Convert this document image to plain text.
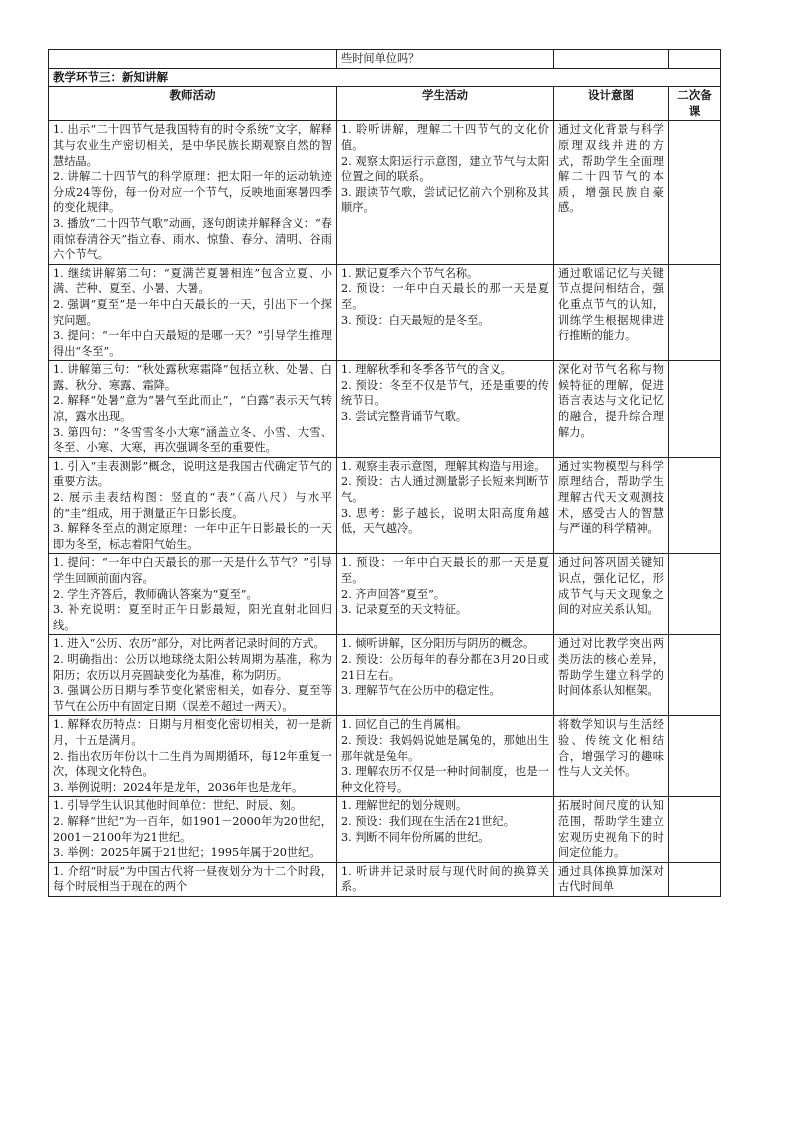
	些时间单位吗？		
教学环节三：新知讲解			
教师活动	学生活动	设计意图	二次备课

1. 出示“二十四节气是我国特有的时令系统”文字，解释其与农业生产密切相关，是中华民族长期观察自然的智慧结晶。
2. 讲解二十四节气的科学原理：把太阳一年的运动轨迹分成24等份，每一份对应一个节气，反映地面寒暑四季的变化规律。
3. 播放“二十四节气歌”动画，逐句朗读并解释含义：“春雨惊春清谷天”指立春、雨水、惊蛰、春分、清明、谷雨六个节气。	1. 聆听讲解，理解二十四节气的文化价值。
2. 观察太阳运行示意图，建立节气与太阳位置之间的联系。
3. 跟读节气歌，尝试记忆前六个别称及其顺序。	通过文化背景与科学原理双线并进的方式，帮助学生全面理解二十四节气的本质，增强民族自豪感。	

1. 继续讲解第二句：“夏满芒夏暑相连”包含立夏、小满、芒种、夏至、小暑、大暑。
2. 强调“夏至”是一年中白天最长的一天，引出下一个探究问题。
3. 提问：“一年中白天最短的是哪一天？”引导学生推理得出“冬至”。	1. 默记夏季六个节气名称。
2. 预设：一年中白天最长的那一天是夏至。
3. 预设：白天最短的是冬至。	通过歌谣记忆与关键节点提问相结合，强化重点节气的认知，训练学生根据规律进行推断的能力。	

1. 讲解第三句：“秋处露秋寒霜降”包括立秋、处暑、白露、秋分、寒露、霜降。
2. 解释“处暑”意为“暑气至此而止”，“白露”表示天气转凉，露水出现。
3. 第四句：“冬雪雪冬小大寒”涵盖立冬、小雪、大雪、冬至、小寒、大寒，再次强调冬至的重要性。	1. 理解秋季和冬季各节气的含义。
2. 预设：冬至不仅是节气，还是重要的传统节日。
3. 尝试完整背诵节气歌。	深化对节气名称与物候特征的理解，促进语言表达与文化记忆的融合，提升综合理解力。	

1. 引入“圭表测影”概念，说明这是我国古代确定节气的重要方法。
2. 展示圭表结构图：竖直的“表”（高八尺）与水平的“圭”组成，用于测量正午日影长度。
3. 解释冬至点的测定原理：一年中正午日影最长的一天即为冬至，标志着阳气始生。	1. 观察圭表示意图，理解其构造与用途。
2. 预设：古人通过测量影子长短来判断节气。
3. 思考：影子越长，说明太阳高度角越低，天气越冷。	通过实物模型与科学原理结合，帮助学生理解古代天文观测技术，感受古人的智慧与严谨的科学精神。	

1. 提问：“一年中白天最长的那一天是什么节气？”引导学生回顾前面内容。
2. 学生齐答后，教师确认答案为“夏至”。
3. 补充说明：夏至时正午日影最短，阳光直射北回归线。	1. 预设：一年中白天最长的那一天是夏至。
2. 齐声回答“夏至”。
3. 记录夏至的天文特征。	通过问答巩固关键知识点，强化记忆，形成节气与天文现象之间的对应关系认知。	

1. 进入“公历、农历”部分，对比两者记录时间的方式。
2. 明确指出：公历以地球绕太阳公转周期为基准，称为阳历；农历以月亮圆缺变化为基准，称为阴历。
3. 强调公历日期与季节变化紧密相关，如春分、夏至等节气在公历中有固定日期（误差不超过一两天）。	1. 倾听讲解，区分阳历与阴历的概念。
2. 预设：公历每年的春分都在3月20日或21日左右。
3. 理解节气在公历中的稳定性。	通过对比教学突出两类历法的核心差异，帮助学生建立科学的时间体系认知框架。	

1. 解释农历特点：日期与月相变化密切相关，初一是新月，十五是满月。
2. 指出农历年份以十二生肖为周期循环，每12年重复一次，体现文化特色。
3. 举例说明：2024年是龙年，2036年也是龙年。	1. 回忆自己的生肖属相。
2. 预设：我妈妈说她是属兔的，那她出生那年就是兔年。
3. 理解农历不仅是一种时间制度，也是一种文化符号。	将数学知识与生活经验、传统文化相结合，增强学习的趣味性与人文关怀。	

1. 引导学生认识其他时间单位：世纪、时辰、刻。
2. 解释“世纪”为一百年，如1901－2000年为20世纪，2001－2100年为21世纪。
3. 举例：2025年属于21世纪；1995年属于20世纪。	1. 理解世纪的划分规则。
2. 预设：我们现在生活在21世纪。
3. 判断不同年份所属的世纪。	拓展时间尺度的认知范围，帮助学生建立宏观历史视角下的时间定位能力。	

1. 介绍“时辰”为中国古代将一昼夜划分为十二个时段，每个时辰相当于现在的两个	1. 听讲并记录时辰与现代时间的换算关系。	通过具体换算加深对古代时间单	
